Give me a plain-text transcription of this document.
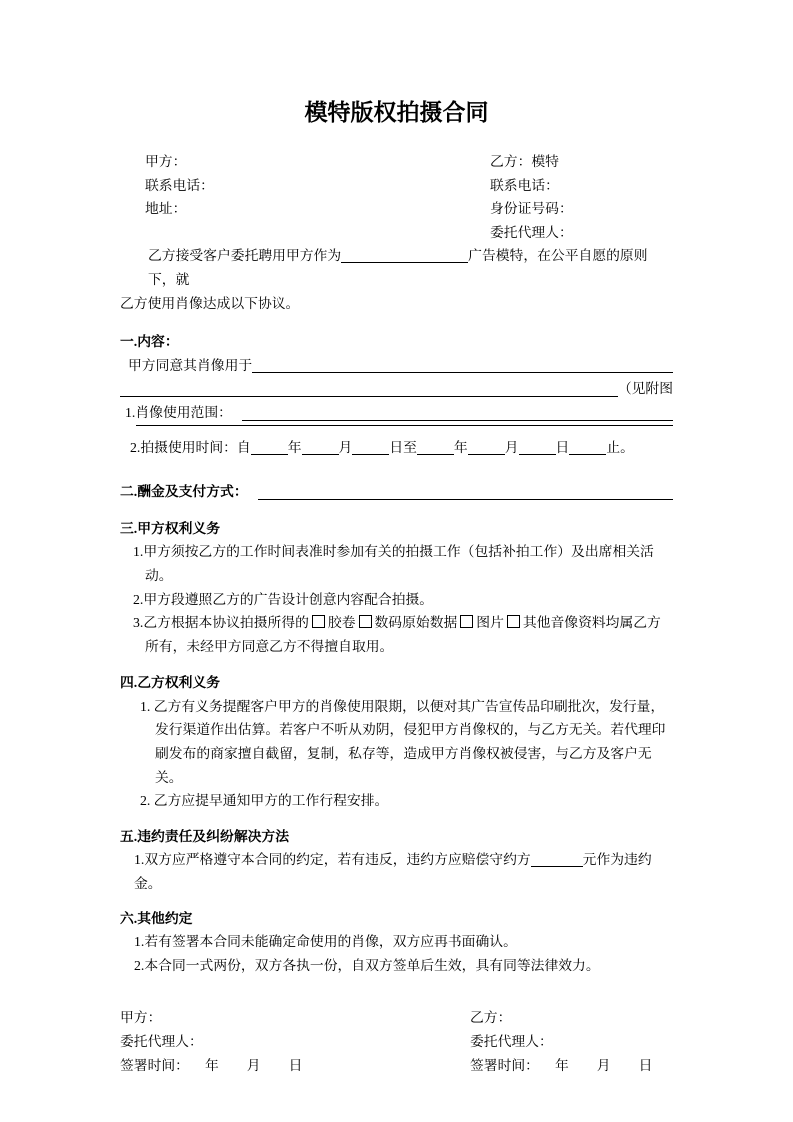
模特版权拍摄合同
甲方：
联系电话：
地址：
乙方：模特
联系电话：
身份证号码：
委托代理人：
乙方接受客户委托聘用甲方作为	广告模特，在公平自愿的原则下，就
乙方使用肖像达成以下协议。
一.内容：
甲方同意其肖像用于
（见附图
1.肖像使用范围：
2.拍摄使用时间：自	年	月	日至	年	月	日	止。
二.酬金及支付方式：
三.甲方权利义务

1.甲方须按乙方的工作时间表准时参加有关的拍摄工作（包括补拍工作）及出席相关活动。

2.甲方段遵照乙方的广告设计创意内容配合拍摄。

3.乙方根据本协议拍摄所得的 胶卷 数码原始数据 图片 其他音像资料均属乙方所有，未经甲方同意乙方不得擅自取用。

四.乙方权利义务

1. 乙方有义务提醒客户甲方的肖像使用限期，以便对其广告宣传品印刷批次，发行量，发行渠道作出估算。若客户不听从劝阴，侵犯甲方肖像权的，与乙方无关。若代理印刷发布的商家擅自截留，复制，私存等，造成甲方肖像权被侵害，与乙方及客户无关。

2. 乙方应提早通知甲方的工作行程安排。

五.违约责任及纠纷解决方法

1.双方应严格遵守本合同的约定，若有违反，违约方应赔偿守约方	元作为违约金。

六.其他约定

1.若有签署本合同未能确定命使用的肖像，双方应再书面确认。

2.本合同一式两份，双方各执一份，自双方签单后生效，具有同等法律效力。

甲方：
委托代理人：
签署时间： 年 月 日
乙方：
委托代理人：
签署时间： 年 月 日
